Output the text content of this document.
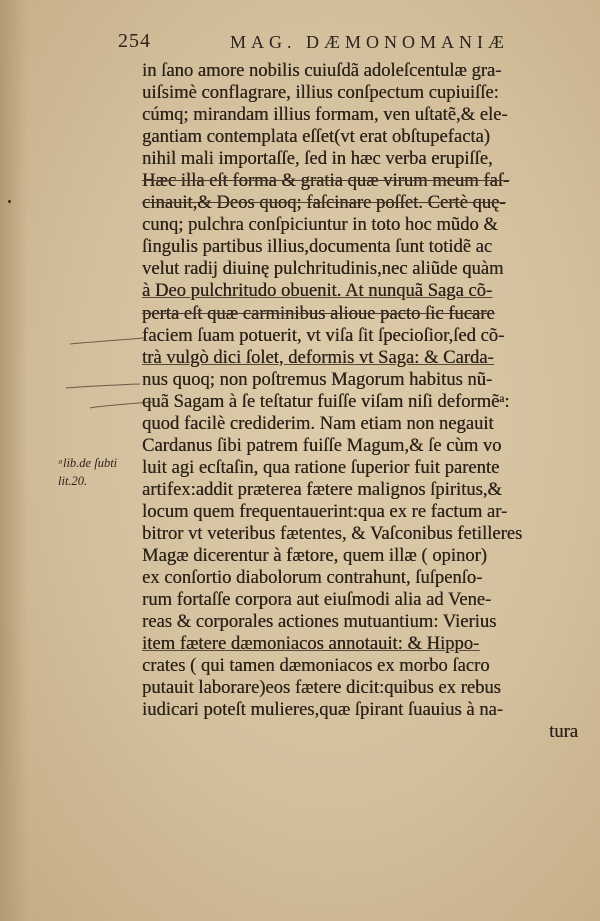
254	MAG. DÆMONOMANIÆ
ᵃlib.de ſubti
lit.20.
in ſano amore nobilis cuiuſdã adoleſcentulæ gra-
uiſsimè conflagrare, illius conſpectum cupiuiſſe:
cúmq; mirandam illius formam, ven uſtatẽ,& ele-
gantiam contemplata eſſet(vt erat obſtupefacta)
nihil mali importaſſe, ſed in hæc verba erupiſſe,
Hæc illa eſt forma & gratia quæ virum meum faſ-
cinauit,& Deos quoq; faſcinare poſſet. Certè quę-
cunq; pulchra conſpiciuntur in toto hoc mũdo &
ſingulis partibus illius,documenta ſunt totidẽ ac
velut radij diuinę pulchritudinis,nec aliũde quàm
à Deo pulchritudo obuenit. At nunquã Saga cõ-
perta eſt quæ carminibus alioue pacto ſic fucare
faciem ſuam potuerit, vt viſa ſit ſpecioſior,ſed cõ-
trà vulgò dici ſolet, deformis vt Saga: & Carda-
nus quoq; non poſtremus Magorum habitus nũ-
quã Sagam à ſe teſtatur fuiſſe viſam niſi deformẽᵃ:
quod facilè crediderim. Nam etiam non negauit
Cardanus ſibi patrem fuiſſe Magum,& ſe cùm vo
luit agi ecſtaſin, qua ratione ſuperior fuit parente
artifex:addit præterea fætere malignos ſpiritus,&
locum quem frequentauerint:qua ex re factum ar-
bitror vt veteribus fætentes, & Vaſconibus fetilleres
Magæ dicerentur à fætore, quem illæ ( opinor)
ex conſortio diabolorum contrahunt, ſuſpenſo-
rum fortaſſe corpora aut eiuſmodi alia ad Vene-
reas & corporales actiones mutuantium: Vierius
item fætere dæmoniacos annotauit: & Hippo-
crates ( qui tamen dæmoniacos ex morbo ſacro
putauit laborare)eos fætere dicit:quibus ex rebus
iudicari poteſt mulieres,quæ ſpirant ſuauius à na-
tura
